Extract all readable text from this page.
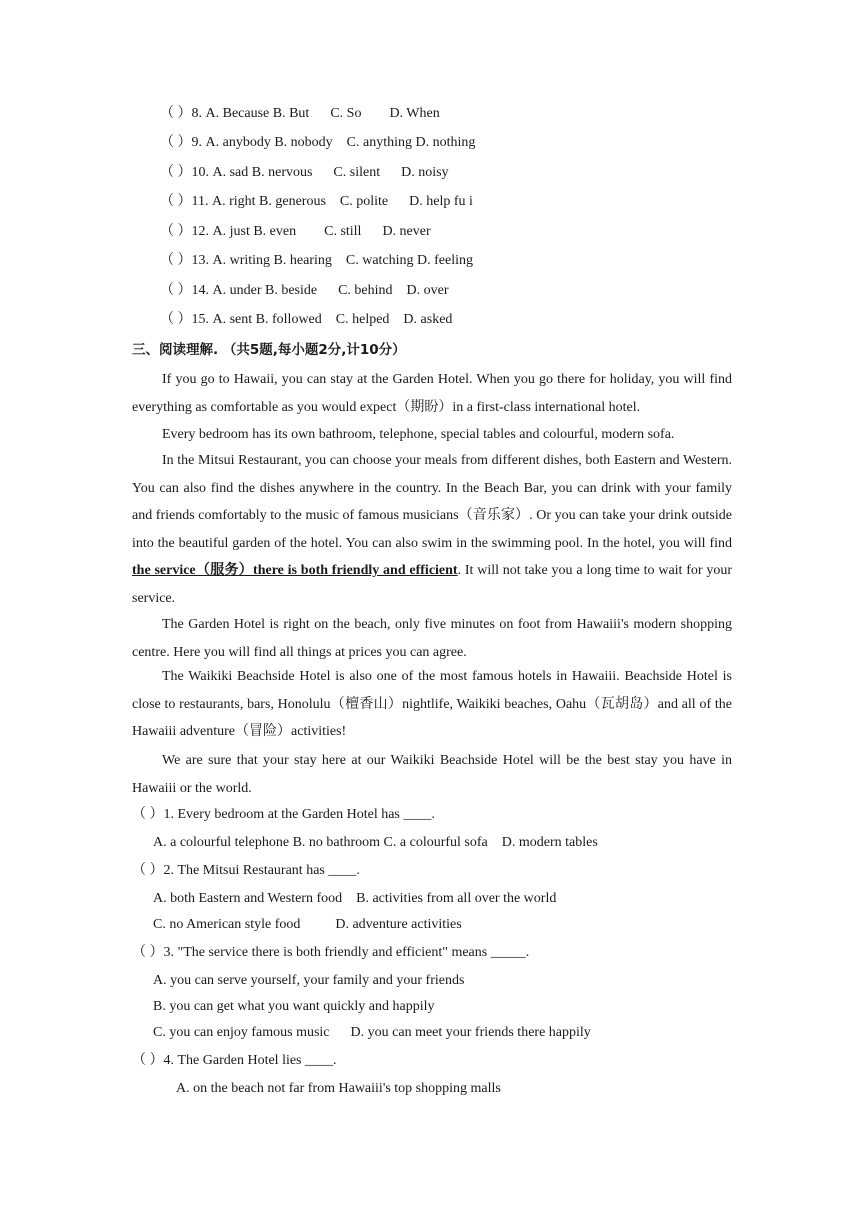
（ ）8. A. Because B. But      C. So        D. When
（ ）9. A. anybody B. nobody    C. anything D. nothing
（ ）10. A. sad B. nervous      C. silent      D. noisy
（ ）11. A. right B. generous    C. polite      D. help fu i
（ ）12. A. just B. even        C. still      D. never
（ ）13. A. writing B. hearing    C. watching D. feeling
（ ）14. A. under B. beside      C. behind    D. over
（ ）15. A. sent B. followed    C. helped    D. asked
三、阅读理解. （共5题,每小题2分,计10分）
If you go to Hawaii, you can stay at the Garden Hotel. When you go there for holiday, you will find everything as comfortable as you would expect（期盼）in a first-class international hotel.
Every bedroom has its own bathroom, telephone, special tables and colourful, modern sofa.
In the Mitsui Restaurant, you can choose your meals from different dishes, both Eastern and Western. You can also find the dishes anywhere in the country. In the Beach Bar, you can drink with your family and friends comfortably to the music of famous musicians（音乐家）. Or you can take your drink outside into the beautiful garden of the hotel. You can also swim in the swimming pool. In the hotel, you will find the service（服务）there is both friendly and efficient. It will not take you a long time to wait for your service.
The Garden Hotel is right on the beach, only five minutes on foot from Hawaiii's modern shopping centre. Here you will find all things at prices you can agree.
The Waikiki Beachside Hotel is also one of the most famous hotels in Hawaiii. Beachside Hotel is close to restaurants, bars, Honolulu（檀香山）nightlife, Waikiki beaches, Oahu（瓦胡岛）and all of the Hawaiii adventure（冒险）activities!
We are sure that your stay here at our Waikiki Beachside Hotel will be the best stay you have in Hawaiii or the world.
（ ）1. Every bedroom at the Garden Hotel has ____.
A. a colourful telephone B. no bathroom C. a colourful sofa    D. modern tables
（ ）2. The Mitsui Restaurant has ____.
A. both Eastern and Western food    B. activities from all over the world
C. no American style food          D. adventure activities
（ ）3. "The service there is both friendly and efficient" means _____.
A. you can serve yourself, your family and your friends
B. you can get what you want quickly and happily
C. you can enjoy famous music      D. you can meet your friends there happily
（ ）4. The Garden Hotel lies ____.
A. on the beach not far from Hawaiii's top shopping malls
